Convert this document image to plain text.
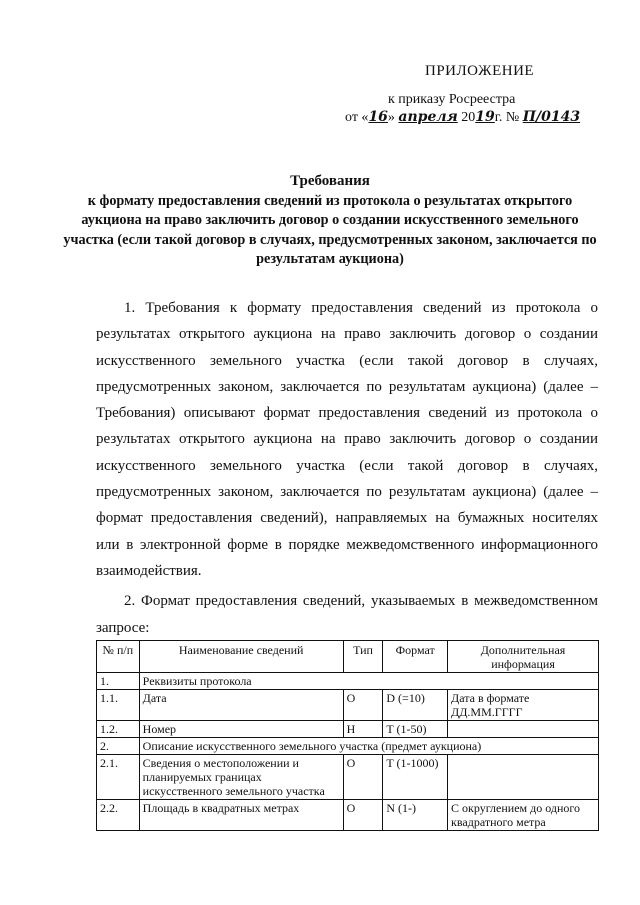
ПРИЛОЖЕНИЕ
к приказу Росреестра
от «16» апреля 2019г. № П/0143
Требования
к формату предоставления сведений из протокола о результатах открытого аукциона на право заключить договор о создании искусственного земельного участка (если такой договор в случаях, предусмотренных законом, заключается по результатам аукциона)

1. Требования к формату предоставления сведений из протокола о результатах открытого аукциона на право заключить договор о создании искусственного земельного участка (если такой договор в случаях, предусмотренных законом, заключается по результатам аукциона) (далее – Требования) описывают формат предоставления сведений из протокола о результатах открытого аукциона на право заключить договор о создании искусственного земельного участка (если такой договор в случаях, предусмотренных законом, заключается по результатам аукциона) (далее – формат предоставления сведений), направляемых на бумажных носителях или в электронной форме в порядке межведомственного информационного взаимодействия.

2. Формат предоставления сведений, указываемых в межведомственном запросе:

№ п/п	Наименование сведений	Тип	Формат	Дополнительная информация
1.	Реквизиты протокола			
1.1.	Дата	О	D (=10)	Дата в формате ДД.ММ.ГГГГ
1.2.	Номер	Н	T (1-50)	
2.	Описание искусственного земельного участка (предмет аукциона)			
2.1.	Сведения о местоположении и планируемых границах искусственного земельного участка	О	T (1-1000)	
2.2.	Площадь в квадратных метрах	О	N (1-)	С округлением до одного квадратного метра
